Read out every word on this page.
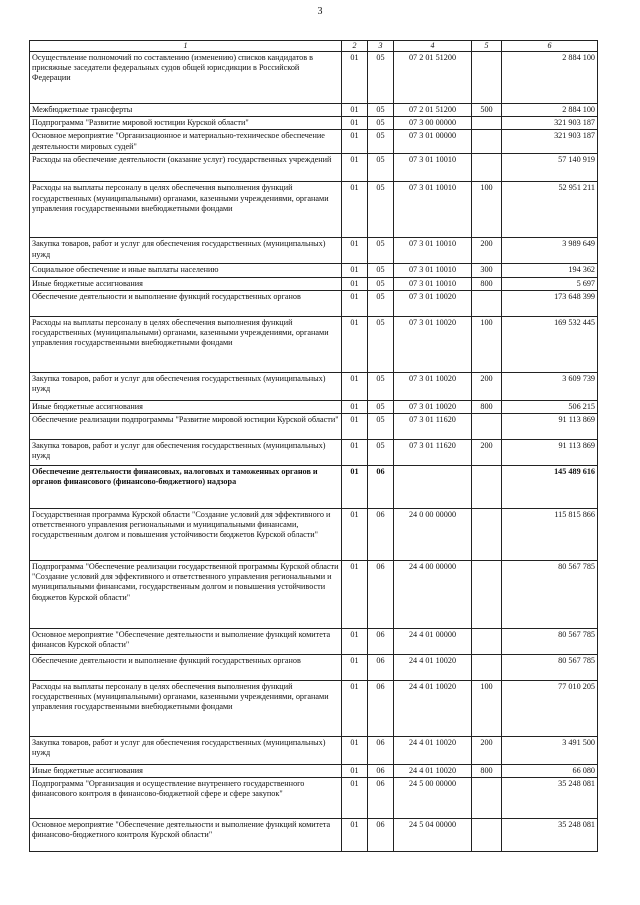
3
1	2	3	4	5	6
Осуществление полномочий по составлению (изменению) списков кандидатов в присяжные заседатели федеральных судов общей юрисдикции в Российской Федерации	01	05	07 2 01 51200		2 884 100
Межбюджетные трансферты	01	05	07 2 01 51200	500	2 884 100
Подпрограмма "Развитие мировой юстиции Курской области"	01	05	07 3 00 00000		321 903 187
Основное мероприятие "Организационное и материально-техническое обеспечение деятельности мировых судей"	01	05	07 3 01 00000		321 903 187
Расходы на обеспечение деятельности (оказание услуг) государственных учреждений	01	05	07 3 01 10010		57 140 919
Расходы на выплаты персоналу в целях обеспечения выполнения функций государственных (муниципальными) органами, казенными учреждениями, органами управления государственными внебюджетными фондами	01	05	07 3 01 10010	100	52 951 211
Закупка товаров, работ и услуг для обеспечения государственных (муниципальных) нужд	01	05	07 3 01 10010	200	3 989 649
Социальное обеспечение и иные выплаты населению	01	05	07 3 01 10010	300	194 362
Иные бюджетные ассигнования	01	05	07 3 01 10010	800	5 697
Обеспечение деятельности и выполнение функций государственных органов	01	05	07 3 01 10020		173 648 399
Расходы на выплаты персоналу в целях обеспечения выполнения функций государственных (муниципальными) органами, казенными учреждениями, органами управления государственными внебюджетными фондами	01	05	07 3 01 10020	100	169 532 445
Закупка товаров, работ и услуг для обеспечения государственных (муниципальных) нужд	01	05	07 3 01 10020	200	3 609 739
Иные бюджетные ассигнования	01	05	07 3 01 10020	800	506 215
Обеспечение реализации подпрограммы "Развитие мировой юстиции Курской области"	01	05	07 3 01 11620		91 113 869
Закупка товаров, работ и услуг для обеспечения государственных (муниципальных) нужд	01	05	07 3 01 11620	200	91 113 869
Обеспечение деятельности финансовых, налоговых и таможенных органов и органов финансового (финансово-бюджетного) надзора	01	06			145 489 616
Государственная программа Курской области "Создание условий для эффективного и ответственного управления региональными и муниципальными финансами, государственным долгом и повышения устойчивости бюджетов Курской области"	01	06	24 0 00 00000		115 815 866
Подпрограмма "Обеспечение реализации государственной программы Курской области "Создание условий для эффективного и ответственного управления региональными и муниципальными финансами, государственным долгом и повышения устойчивости бюджетов Курской области"	01	06	24 4 00 00000		80 567 785
Основное мероприятие "Обеспечение деятельности и выполнение функций комитета финансов Курской области"	01	06	24 4 01 00000		80 567 785
Обеспечение деятельности и выполнение функций государственных органов	01	06	24 4 01 10020		80 567 785
Расходы на выплаты персоналу в целях обеспечения выполнения функций государственных (муниципальными) органами, казенными учреждениями, органами управления государственными внебюджетными фондами	01	06	24 4 01 10020	100	77 010 205
Закупка товаров, работ и услуг для обеспечения государственных (муниципальных) нужд	01	06	24 4 01 10020	200	3 491 500
Иные бюджетные ассигнования	01	06	24 4 01 10020	800	66 080
Подпрограмма "Организация и осуществление внутреннего государственного финансового контроля в финансово-бюджетной сфере и сфере закупок"	01	06	24 5 00 00000		35 248 081
Основное мероприятие "Обеспечение деятельности и выполнение функций комитета финансово-бюджетного контроля Курской области"	01	06	24 5 04 00000		35 248 081
